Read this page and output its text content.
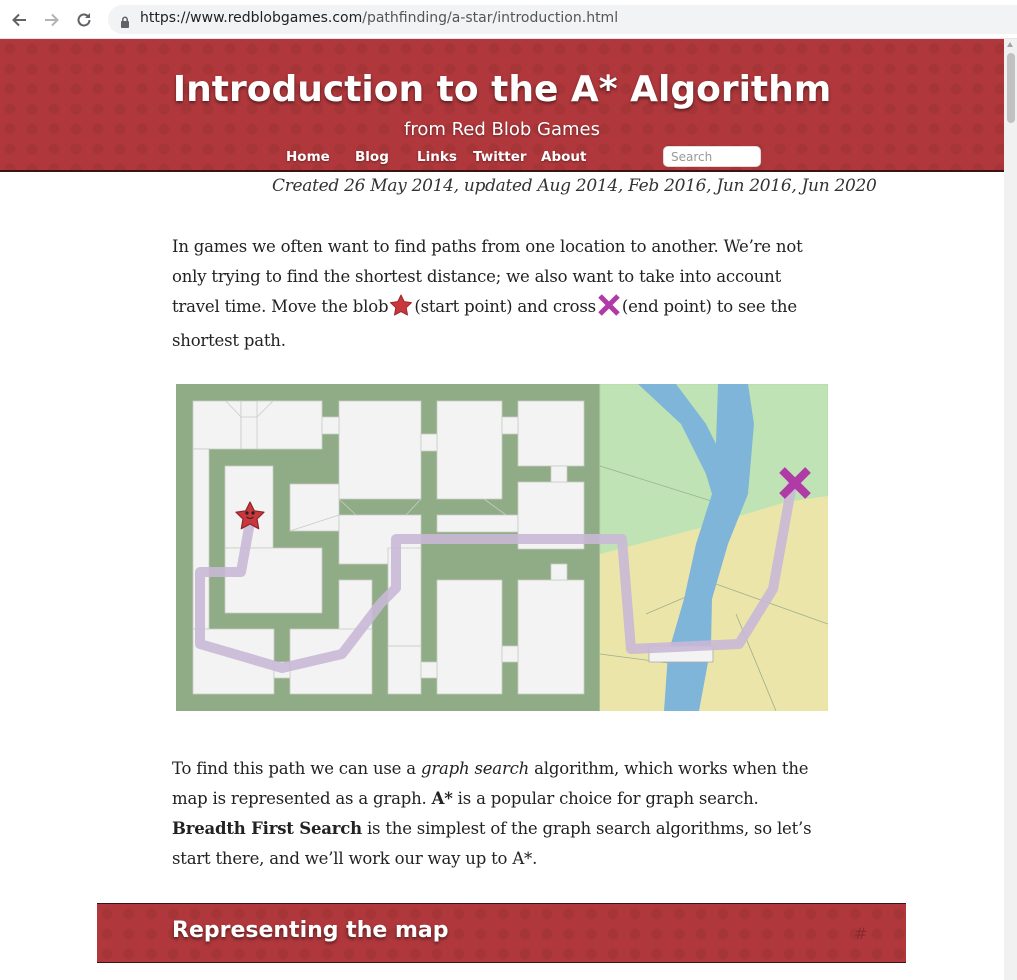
https://www.redblobgames.com/pathfinding/a-star/introduction.html
Introduction to the A* Algorithm
from Red Blob Games
Home Blog Links Twitter About
Search
Created 26 May 2014, updated Aug 2014, Feb 2016, Jun 2016, Jun 2020
In games we often want to find paths from one location to another. We’re not only trying to find the shortest distance; we also want to take into account travel time. Move the blob (start point) and cross (end point) to see the shortest path.
To find this path we can use a graph search algorithm, which works when the map is represented as a graph. A* is a popular choice for graph search. Breadth First Search is the simplest of the graph search algorithms, so let’s start there, and we’ll work our way up to A*.
Representing the map	#
